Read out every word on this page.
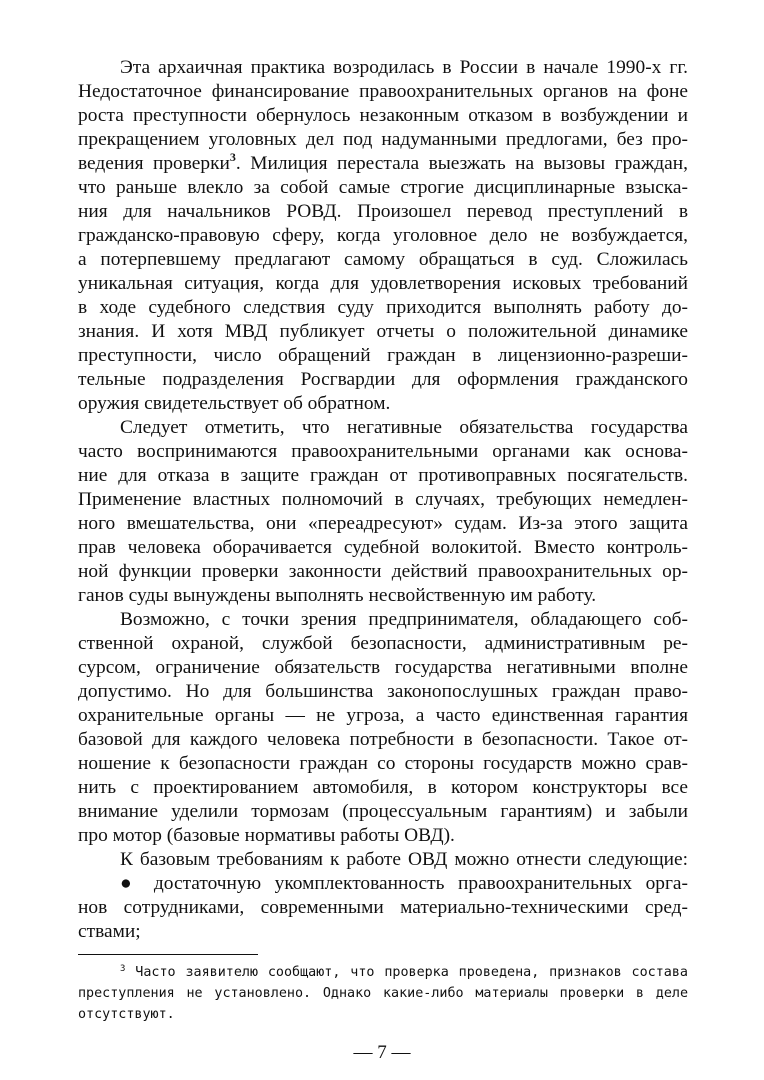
Эта архаичная практика возродилась в России в начале 1990-х гг.
Недостаточное финансирование правоохранительных органов на фоне
роста преступности обернулось незаконным отказом в возбуждении и
прекращением уголовных дел под надуманными предлогами, без про-
ведения проверки$^3$. Милиция перестала выезжать на вызовы граждан,
что раньше влекло за собой самые строгие дисциплинарные взыска-
ния для начальников РОВД. Произошел перевод преступлений в
гражданско-правовую сферу, когда уголовное дело не возбуждается,
а потерпевшему предлагают самому обращаться в суд. Сложилась
уникальная ситуация, когда для удовлетворения исковых требований
в ходе судебного следствия суду приходится выполнять работу до-
знания. И хотя МВД публикует отчеты о положительной динамике
преступности, число обращений граждан в лицензионно-разреши-
тельные подразделения Росгвардии для оформления гражданского
оружия свидетельствует об обратном.
Следует отметить, что негативные обязательства государства
часто воспринимаются правоохранительными органами как основа-
ние для отказа в защите граждан от противоправных посягательств.
Применение властных полномочий в случаях, требующих немедлен-
ного вмешательства, они «переадресуют» судам. Из-за этого защита
прав человека оборачивается судебной волокитой. Вместо контроль-
ной функции проверки законности действий правоохранительных ор-
ганов суды вынуждены выполнять несвойственную им работу.
Возможно, с точки зрения предпринимателя, обладающего соб-
ственной охраной, службой безопасности, административным ре-
сурсом, ограничение обязательств государства негативными вполне
допустимо. Но для большинства законопослушных граждан право-
охранительные органы — не угроза, а часто единственная гарантия
базовой для каждого человека потребности в безопасности. Такое от-
ношение к безопасности граждан со стороны государств можно срав-
нить с проектированием автомобиля, в котором конструкторы все
внимание уделили тормозам (процессуальным гарантиям) и забыли
про мотор (базовые нормативы работы ОВД).
К базовым требованиям к работе ОВД можно отнести следующие:
● достаточную укомплектованность правоохранительных орга-
нов сотрудниками, современными материально-техническими сред-
ствами;
$^3$ Часто заявителю сообщают, что проверка проведена, признаков состава
преступления не установлено. Однако какие-либо материалы проверки в деле
отсутствуют.
— 7 —
